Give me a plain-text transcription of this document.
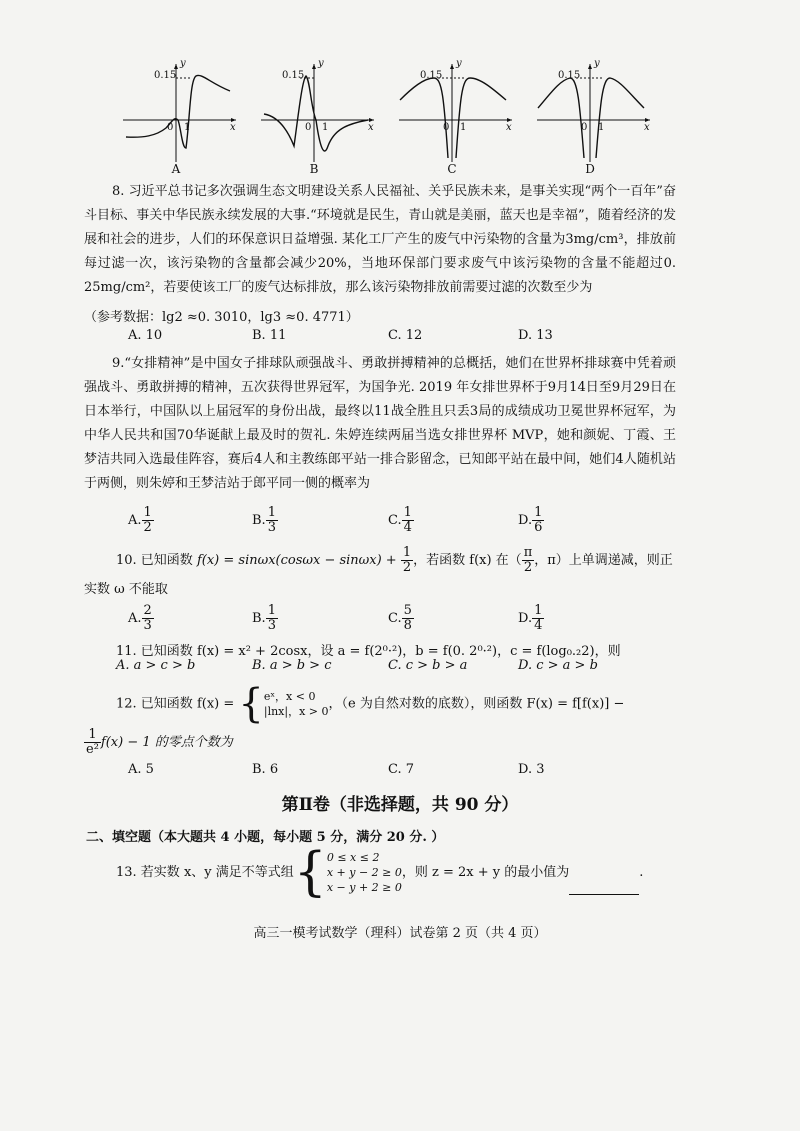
0.15
y
0 1	x
A
0.15
y
0 1	x
B
0.15
y
0 1	x
C
0.15
y
0 1	x
D
8. 习近平总书记多次强调生态文明建设关系人民福祉、关乎民族未来，是事关实现“两个一百年”奋斗目标、事关中华民族永续发展的大事.“环境就是民生，青山就是美丽，蓝天也是幸福”，随着经济的发展和社会的进步，人们的环保意识日益增强. 某化工厂产生的废气中污染物的含量为3mg/cm³，排放前每过滤一次，该污染物的含量都会减少20%，当地环保部门要求废气中该污染物的含量不能超过0. 25mg/cm²，若要使该工厂的废气达标排放，那么该污染物排放前需要过滤的次数至少为
（参考数据：lg2 ≈0. 3010，lg3 ≈0. 4771）
A. 10	B. 11	C. 12	D. 13
9.“女排精神”是中国女子排球队顽强战斗、勇敢拼搏精神的总概括，她们在世界杯排球赛中凭着顽强战斗、勇敢拼搏的精神，五次获得世界冠军，为国争光. 2019 年女排世界杯于9月14日至9月29日在日本举行，中国队以上届冠军的身份出战，最终以11战全胜且只丢3局的成绩成功卫冕世界杯冠军，为中华人民共和国70华诞献上最及时的贺礼. 朱婷连续两届当选女排世界杯 MVP，她和颜妮、丁霞、王梦洁共同入选最佳阵容，赛后4人和主教练郎平站一排合影留念，已知郎平站在最中间，她们4人随机站于两侧，则朱婷和王梦洁站于郎平同一侧的概率为
A. $\frac{1}{2}$	B. $\frac{1}{3}$	C. $\frac{1}{4}$	D. $\frac{1}{6}$
10. 已知函数 $f(x) = \sin\omega x(\cos\omega x - \sin\omega x) + \frac{1}{2}$ ，若函数 f(x) 在（ $\frac{\pi}{2}$ ，π）上单调递减，则正
实数 ω 不能取
A. $\frac{2}{3}$	B. $\frac{1}{3}$	C. $\frac{5}{8}$	D. $\frac{1}{4}$
11. 已知函数 f(x) = x² + 2cosx，设 a = f(2⁰·²)，b = f(0. 2⁰·²)，c = f(log₀.₂2)，则
A. a > c > b	B. a > b > c	C. c > b > a	D. c > a > b
12. 已知函数 f(x) = { eˣ，x < 0
|lnx|，x > 0 ，（e 为自然对数的底数），则函数 F(x) = f[f(x)] −
$\frac{1}{\text{e²}} f(x) - 1$ 的零点个数为
A. 5	B. 6	C. 7	D. 3
第Ⅱ卷（非选择题，共 90 分）
二、填空题（本大题共 4 小题，每小题 5 分，满分 20 分. ）
13. 若实数 x、y 满足不等式组{ 0 ≤ x ≤ 2
x + y − 2 ≥ 0
x − y + 2 ≥ 0
，则 z = 2x + y 的最小值为	.
高三一模考试数学（理科）试卷第 2 页（共 4 页）
